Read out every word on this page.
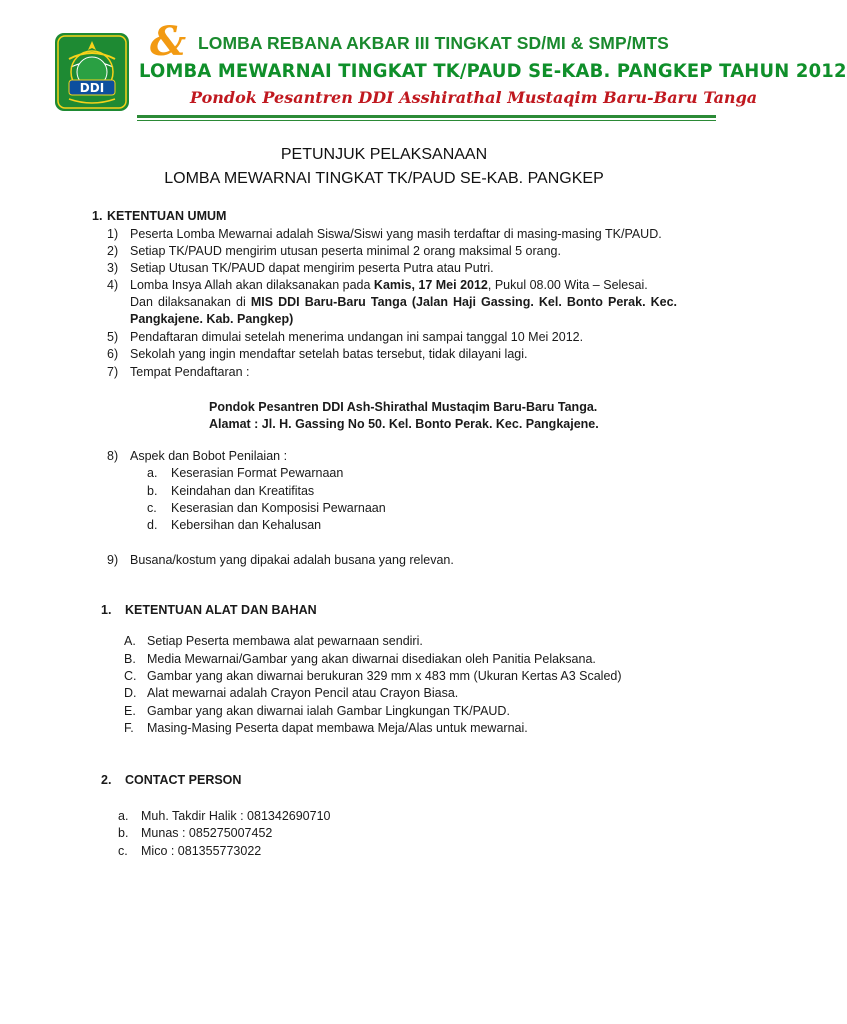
DDI
& LOMBA REBANA AKBAR III TINGKAT SD/MI & SMP/MTS
LOMBA MEWARNAI TINGKAT TK/PAUD SE-KAB. PANGKEP TAHUN 2012
Pondok Pesantren DDI Asshirathal Mustaqim Baru-Baru Tanga
PETUNJUK PELAKSANAAN
LOMBA MEWARNAI TINGKAT TK/PAUD SE-KAB. PANGKEP
1. KETENTUAN UMUM
1) Peserta Lomba Mewarnai adalah Siswa/Siswi yang masih terdaftar di masing-masing TK/PAUD.
2) Setiap TK/PAUD mengirim utusan peserta minimal 2 orang maksimal 5 orang.
3) Setiap Utusan TK/PAUD dapat mengirim peserta Putra atau Putri.
4) Lomba Insya Allah akan dilaksanakan pada Kamis, 17 Mei 2012, Pukul 08.00 Wita – Selesai.
Dan dilaksanakan di MIS DDI Baru-Baru Tanga (Jalan Haji Gassing. Kel. Bonto Perak. Kec.
Pangkajene. Kab. Pangkep)
5) Pendaftaran dimulai setelah menerima undangan ini sampai tanggal 10 Mei 2012.
6) Sekolah yang ingin mendaftar setelah batas tersebut, tidak dilayani lagi.
7) Tempat Pendaftaran :
Pondok Pesantren DDI Ash-Shirathal Mustaqim Baru-Baru Tanga.
Alamat : Jl. H. Gassing No 50. Kel. Bonto Perak. Kec. Pangkajene.
8) Aspek dan Bobot Penilaian :
a. Keserasian Format Pewarnaan
b. Keindahan dan Kreatifitas
c. Keserasian dan Komposisi Pewarnaan
d. Kebersihan dan Kehalusan
9) Busana/kostum yang dipakai adalah busana yang relevan.
1. KETENTUAN ALAT DAN BAHAN
A. Setiap Peserta membawa alat pewarnaan sendiri.
B. Media Mewarnai/Gambar yang akan diwarnai disediakan oleh Panitia Pelaksana.
C. Gambar yang akan diwarnai berukuran 329 mm x 483 mm (Ukuran Kertas A3 Scaled)
D. Alat mewarnai adalah Crayon Pencil atau Crayon Biasa.
E. Gambar yang akan diwarnai ialah Gambar Lingkungan TK/PAUD.
F. Masing-Masing Peserta dapat membawa Meja/Alas untuk mewarnai.
2. CONTACT PERSON
a. Muh. Takdir Halik : 081342690710
b. Munas : 085275007452
c. Mico : 081355773022
